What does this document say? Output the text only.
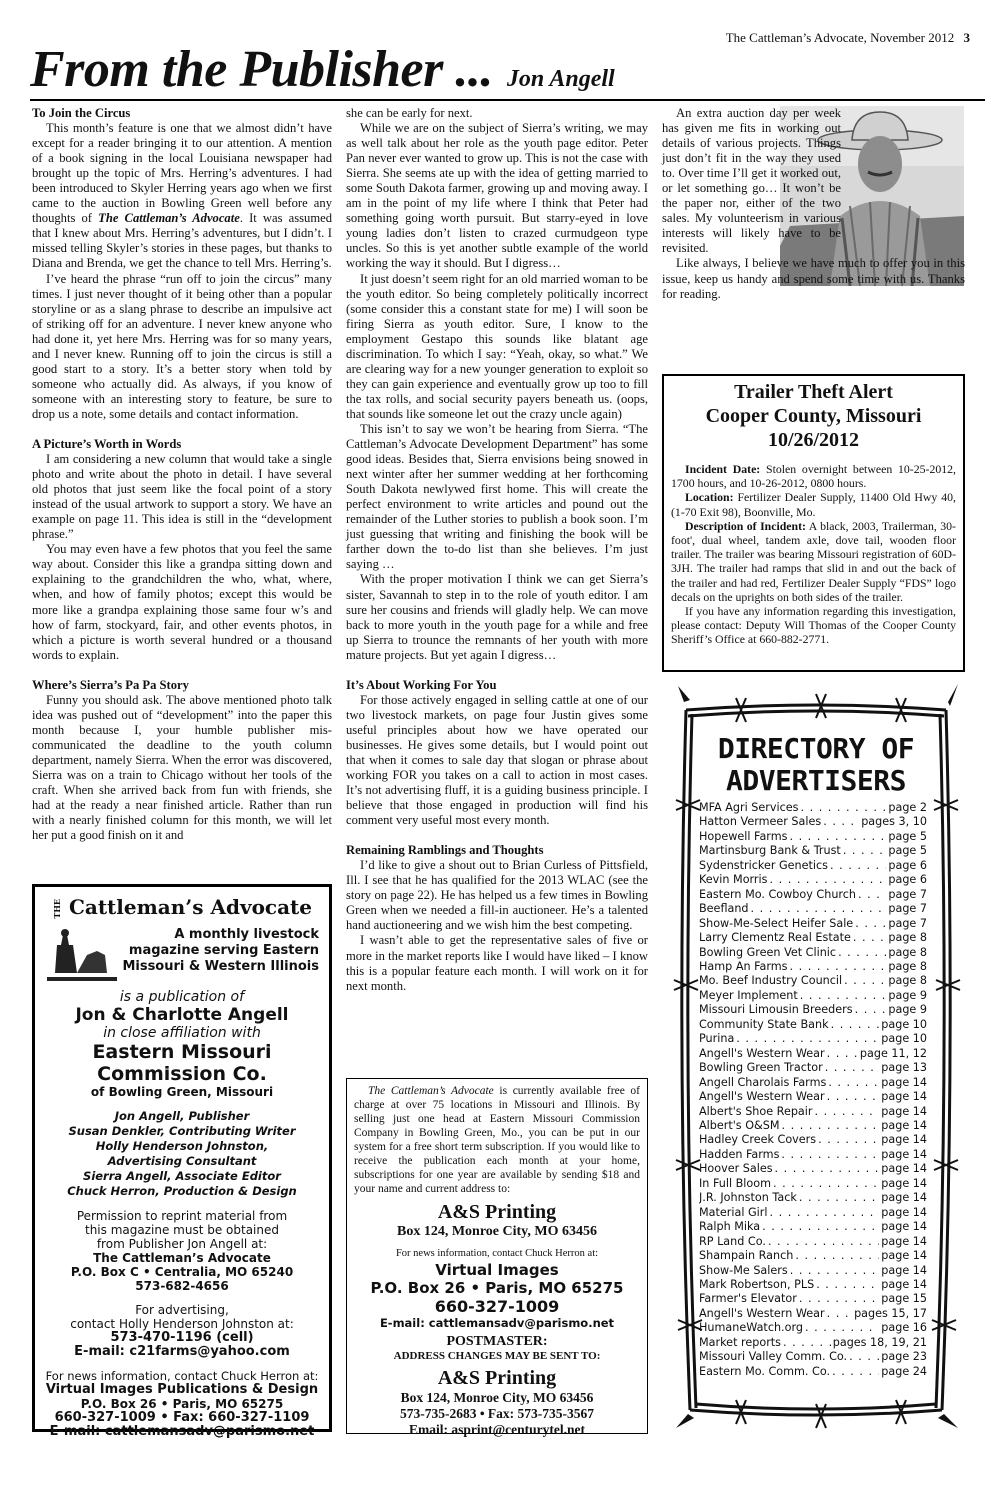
The Cattleman’s Advocate, November 2012 3
From the Publisher ... Jon Angell
To Join the Circus

This month’s feature is one that we almost didn’t have except for a reader bringing it to our attention. A mention of a book signing in the local Louisiana newspaper had brought up the topic of Mrs. Herring’s adventures. I had been introduced to Skyler Herring years ago when we first came to the auction in Bowling Green well before any thoughts of The Cattleman’s Advocate. It was assumed that I knew about Mrs. Herring’s adventures, but I didn’t. I missed telling Skyler’s stories in these pages, but thanks to Diana and Brenda, we get the chance to tell Mrs. Herring’s.

I’ve heard the phrase “run off to join the circus” many times. I just never thought of it being other than a popular storyline or as a slang phrase to describe an impulsive act of striking off for an adventure. I never knew anyone who had done it, yet here Mrs. Herring was for so many years, and I never knew. Running off to join the circus is still a good start to a story. It’s a better story when told by someone who actually did. As always, if you know of someone with an interesting story to feature, be sure to drop us a note, some details and contact information.

A Picture’s Worth in Words

I am considering a new column that would take a single photo and write about the photo in detail. I have several old photos that just seem like the focal point of a story instead of the usual artwork to support a story. We have an example on page 11. This idea is still in the “development phrase.”

You may even have a few photos that you feel the same way about. Consider this like a grandpa sitting down and explaining to the grandchildren the who, what, where, when, and how of family photos; except this would be more like a grandpa explaining those same four w’s and how of farm, stockyard, fair, and other events photos, in which a picture is worth several hundred or a thousand words to explain.

Where’s Sierra’s Pa Pa Story

Funny you should ask. The above mentioned photo talk idea was pushed out of “development” into the paper this month because I, your humble publisher mis-communicated the deadline to the youth column department, namely Sierra. When the error was discovered, Sierra was on a train to Chicago without her tools of the craft. When she arrived back from fun with friends, she had at the ready a near finished article. Rather than run with a nearly finished column for this month, we will let her put a good finish on it and

THE Cattleman’s Advocate
A monthly livestock
magazine serving Eastern
Missouri & Western Illinois
is a publication of
Jon & Charlotte Angell
in close affiliation with
Eastern Missouri
Commission Co.
of Bowling Green, Missouri
Jon Angell, Publisher
Susan Denkler, Contributing Writer
Holly Henderson Johnston,
Advertising Consultant
Sierra Angell, Associate Editor
Chuck Herron, Production & Design
Permission to reprint material from
this magazine must be obtained
from Publisher Jon Angell at:
The Cattleman’s Advocate
P.O. Box C • Centralia, MO 65240
573-682-4656
For advertising,
contact Holly Henderson Johnston at:
573-470-1196 (cell)
E-mail: c21farms@yahoo.com
For news information, contact Chuck Herron at:
Virtual Images Publications & Design
P.O. Box 26 • Paris, MO 65275
660-327-1009 • Fax: 660-327-1109
E-mail: cattlemansadv@parismo.net

she can be early for next.

While we are on the subject of Sierra’s writing, we may as well talk about her role as the youth page editor. Peter Pan never ever wanted to grow up. This is not the case with Sierra. She seems ate up with the idea of getting married to some South Dakota farmer, growing up and moving away. I am in the point of my life where I think that Peter had something going worth pursuit. But starry-eyed in love young ladies don’t listen to crazed curmudgeon type uncles. So this is yet another subtle example of the world working the way it should. But I digress…

It just doesn’t seem right for an old married woman to be the youth editor. So being completely politically incorrect (some consider this a constant state for me) I will soon be firing Sierra as youth editor. Sure, I know to the employment Gestapo this sounds like blatant age discrimination. To which I say: “Yeah, okay, so what.” We are clearing way for a new younger generation to exploit so they can gain experience and eventually grow up too to fill the tax rolls, and social security payers beneath us. (oops, that sounds like someone let out the crazy uncle again)

This isn’t to say we won’t be hearing from Sierra. “The Cattleman’s Advocate Development Department” has some good ideas. Besides that, Sierra envisions being snowed in next winter after her summer wedding at her forthcoming South Dakota newlywed first home. This will create the perfect environment to write articles and pound out the remainder of the Luther stories to publish a book soon. I’m just guessing that writing and finishing the book will be farther down the to-do list than she believes. I’m just saying …

With the proper motivation I think we can get Sierra’s sister, Savannah to step in to the role of youth editor. I am sure her cousins and friends will gladly help. We can move back to more youth in the youth page for a while and free up Sierra to trounce the remnants of her youth with more mature projects. But yet again I digress…

It’s About Working For You

For those actively engaged in selling cattle at one of our two livestock markets, on page four Justin gives some useful principles about how we have operated our businesses. He gives some details, but I would point out that when it comes to sale day that slogan or phrase about working FOR you takes on a call to action in most cases. It’s not advertising fluff, it is a guiding business principle. I believe that those engaged in production will find his comment very useful most every month.

Remaining Ramblings and Thoughts

I’d like to give a shout out to Brian Curless of Pittsfield, Ill. I see that he has qualified for the 2013 WLAC (see the story on page 22). He has helped us a few times in Bowling Green when we needed a fill-in auctioneer. He’s a talented hand auctioneering and we wish him the best competing.

I wasn’t able to get the representative sales of five or more in the market reports like I would have liked – I know this is a popular feature each month. I will work on it for next month.

The Cattleman’s Advocate is currently available free of charge at over 75 locations in Missouri and Illinois. By selling just one head at Eastern Missouri Commission Company in Bowling Green, Mo., you can be put in our system for a free short term subscription. If you would like to receive the publication each month at your home, subscriptions for one year are available by sending $18 and your name and current address to:

A&S Printing
Box 124, Monroe City, MO 63456
For news information, contact Chuck Herron at:
Virtual Images
P.O. Box 26 • Paris, MO 65275
660-327-1009
E-mail: cattlemansadv@parismo.net
POSTMASTER:
ADDRESS CHANGES MAY BE SENT TO:
A&S Printing
Box 124, Monroe City, MO 63456
573-735-2683 • Fax: 573-735-3567
Email: asprint@centurytel.net

An extra auction day per week has given me fits in working out details of various projects. Things just don’t fit in the way they used to. Over time I’ll get it worked out, or let something go… It won’t be the paper nor, either of the two sales. My volunteerism in various interests will likely have to be revisited.

Like always, I believe we have much to offer you in this issue, keep us handy and spend some time with us. Thanks for reading.

Trailer Theft Alert
Cooper County, Missouri
10/26/2012

Incident Date: Stolen overnight between 10-25-2012, 1700 hours, and 10-26-2012, 0800 hours.

Location: Fertilizer Dealer Supply, 11400 Old Hwy 40, (1-70 Exit 98), Boonville, Mo.

Description of Incident: A black, 2003, Trailerman, 30-foot', dual wheel, tandem axle, dove tail, wooden floor trailer. The trailer was bearing Missouri registration of 60D-3JH. The trailer had ramps that slid in and out the back of the trailer and had red, Fertilizer Dealer Supply “FDS” logo decals on the uprights on both sides of the trailer.

If you have any information regarding this investigation, please contact: Deputy Will Thomas of the Cooper County Sheriff’s Office at 660-882-2771.

DIRECTORY OF
ADVERTISERS
MFA Agri Services . . .	page 2
Hatton Vermeer Sales . . .	pages 3, 10
Hopewell Farms . . .	page 5
Martinsburg Bank & Trust . . .	page 5
Sydenstricker Genetics . . .	page 6
Kevin Morris . . .	page 6
Eastern Mo. Cowboy Church . . .	page 7
Beefland . . .	page 7
Show-Me-Select Heifer Sale . . .	page 7
Larry Clementz Real Estate . . .	page 8
Bowling Green Vet Clinic . . .	page 8
Hamp An Farms . . .	page 8
Mo. Beef Industry Council . . .	page 8
Meyer Implement . . .	page 9
Missouri Limousin Breeders . . .	page 9
Community State Bank . . .	page 10
Purina . . .	page 10
Angell's Western Wear . . .	page 11, 12
Bowling Green Tractor . . .	page 13
Angell Charolais Farms . . .	page 14
Angell's Western Wear . . .	page 14
Albert's Shoe Repair . . .	page 14
Albert's O&SM . . .	page 14
Hadley Creek Covers . . .	page 14
Hadden Farms . . .	page 14
Hoover Sales . . .	page 14
In Full Bloom . . .	page 14
J.R. Johnston Tack . . .	page 14
Material Girl . . .	page 14
Ralph Mika . . .	page 14
RP Land Co. . . .	page 14
Shampain Ranch . . .	page 14
Show-Me Salers . . .	page 14
Mark Robertson, PLS . . .	page 14
Farmer's Elevator . . .	page 15
Angell's Western Wear . . .	pages 15, 17
HumaneWatch.org . . .	page 16
Market reports . . .	pages 18, 19, 21
Missouri Valley Comm. Co. . . .	page 23
Eastern Mo. Comm. Co. . . .	page 24
